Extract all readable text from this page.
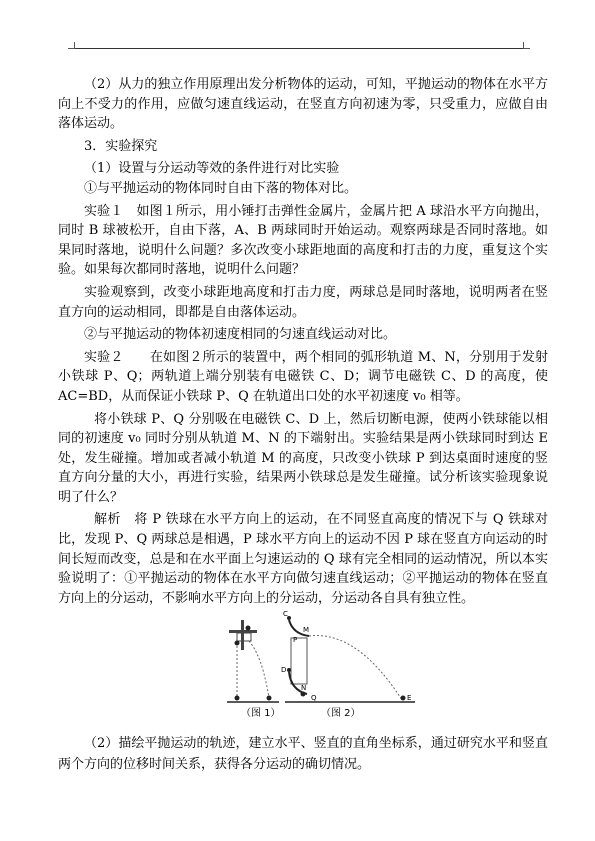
（2）从力的独立作用原理出发分析物体的运动，可知，平抛运动的物体在水平方向上不受力的作用，应做匀速直线运动，在竖直方向初速为零，只受重力，应做自由落体运动。

3．实验探究

（1）设置与分运动等效的条件进行对比实验

①与平抛运动的物体同时自由下落的物体对比。

实验１　如图１所示，用小锤打击弹性金属片，金属片把 A 球沿水平方向抛出，同时 B 球被松开，自由下落，A、B 两球同时开始运动。观察两球是否同时落地。如果同时落地，说明什么问题？多次改变小球距地面的高度和打击的力度，重复这个实验。如果每次都同时落地，说明什么问题？

实验观察到，改变小球距地高度和打击力度，两球总是同时落地，说明两者在竖直方向的运动相同，即都是自由落体运动。

②与平抛运动的物体初速度相同的匀速直线运动对比。

实验２　　在如图２所示的装置中，两个相同的弧形轨道 M、N，分别用于发射小铁球 P、Q；两轨道上端分别装有电磁铁 C、D；调节电磁铁 C、D 的高度，使 AC=BD，从而保证小铁球 P、Q 在轨道出口处的水平初速度 v₀ 相等。

将小铁球 P、Q 分别吸在电磁铁 C、D 上，然后切断电源，使两小铁球能以相同的初速度 v₀ 同时分别从轨道 M、N 的下端射出。实验结果是两小铁球同时到达 E 处，发生碰撞。增加或者减小轨道 M 的高度，只改变小铁球 P 到达桌面时速度的竖直方向分量的大小，再进行实验，结果两小铁球总是发生碰撞。试分析该实验现象说明了什么？

解析　将 P 铁球在水平方向上的运动，在不同竖直高度的情况下与 Q 铁球对比，发现 P、Q 两球总是相遇，P 球水平方向上的运动不因 P 球在竖直方向运动的时间长短而改变，总是和在水平面上匀速运动的 Q 球有完全相同的运动情况，所以本实验说明了：①平抛运动的物体在水平方向做匀速直线运动；②平抛运动的物体在竖直方向上的分运动，不影响水平方向上的分运动，分运动各自具有独立性。

（图 1）
C
M
D
N
Q	E
P
（图 2）

（2）描绘平抛运动的轨迹，建立水平、竖直的直角坐标系，通过研究水平和竖直两个方向的位移时间关系，获得各分运动的确切情况。
